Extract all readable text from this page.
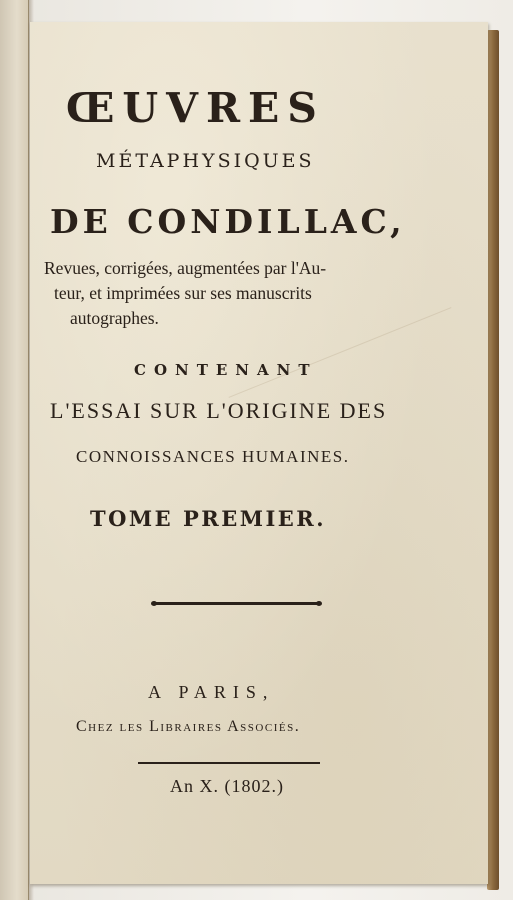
ŒUVRES
MÉTAPHYSIQUES
DE CONDILLAC,
Revues, corrigées, augmentées par l'Au-
teur, et imprimées sur ses manuscrits
autographes.
CONTENANT
L'ESSAI SUR L'ORIGINE DES
CONNOISSANCES HUMAINES.
TOME PREMIER.
A PARIS,
Chez les Libraires Associés.
An X. (1802.)
